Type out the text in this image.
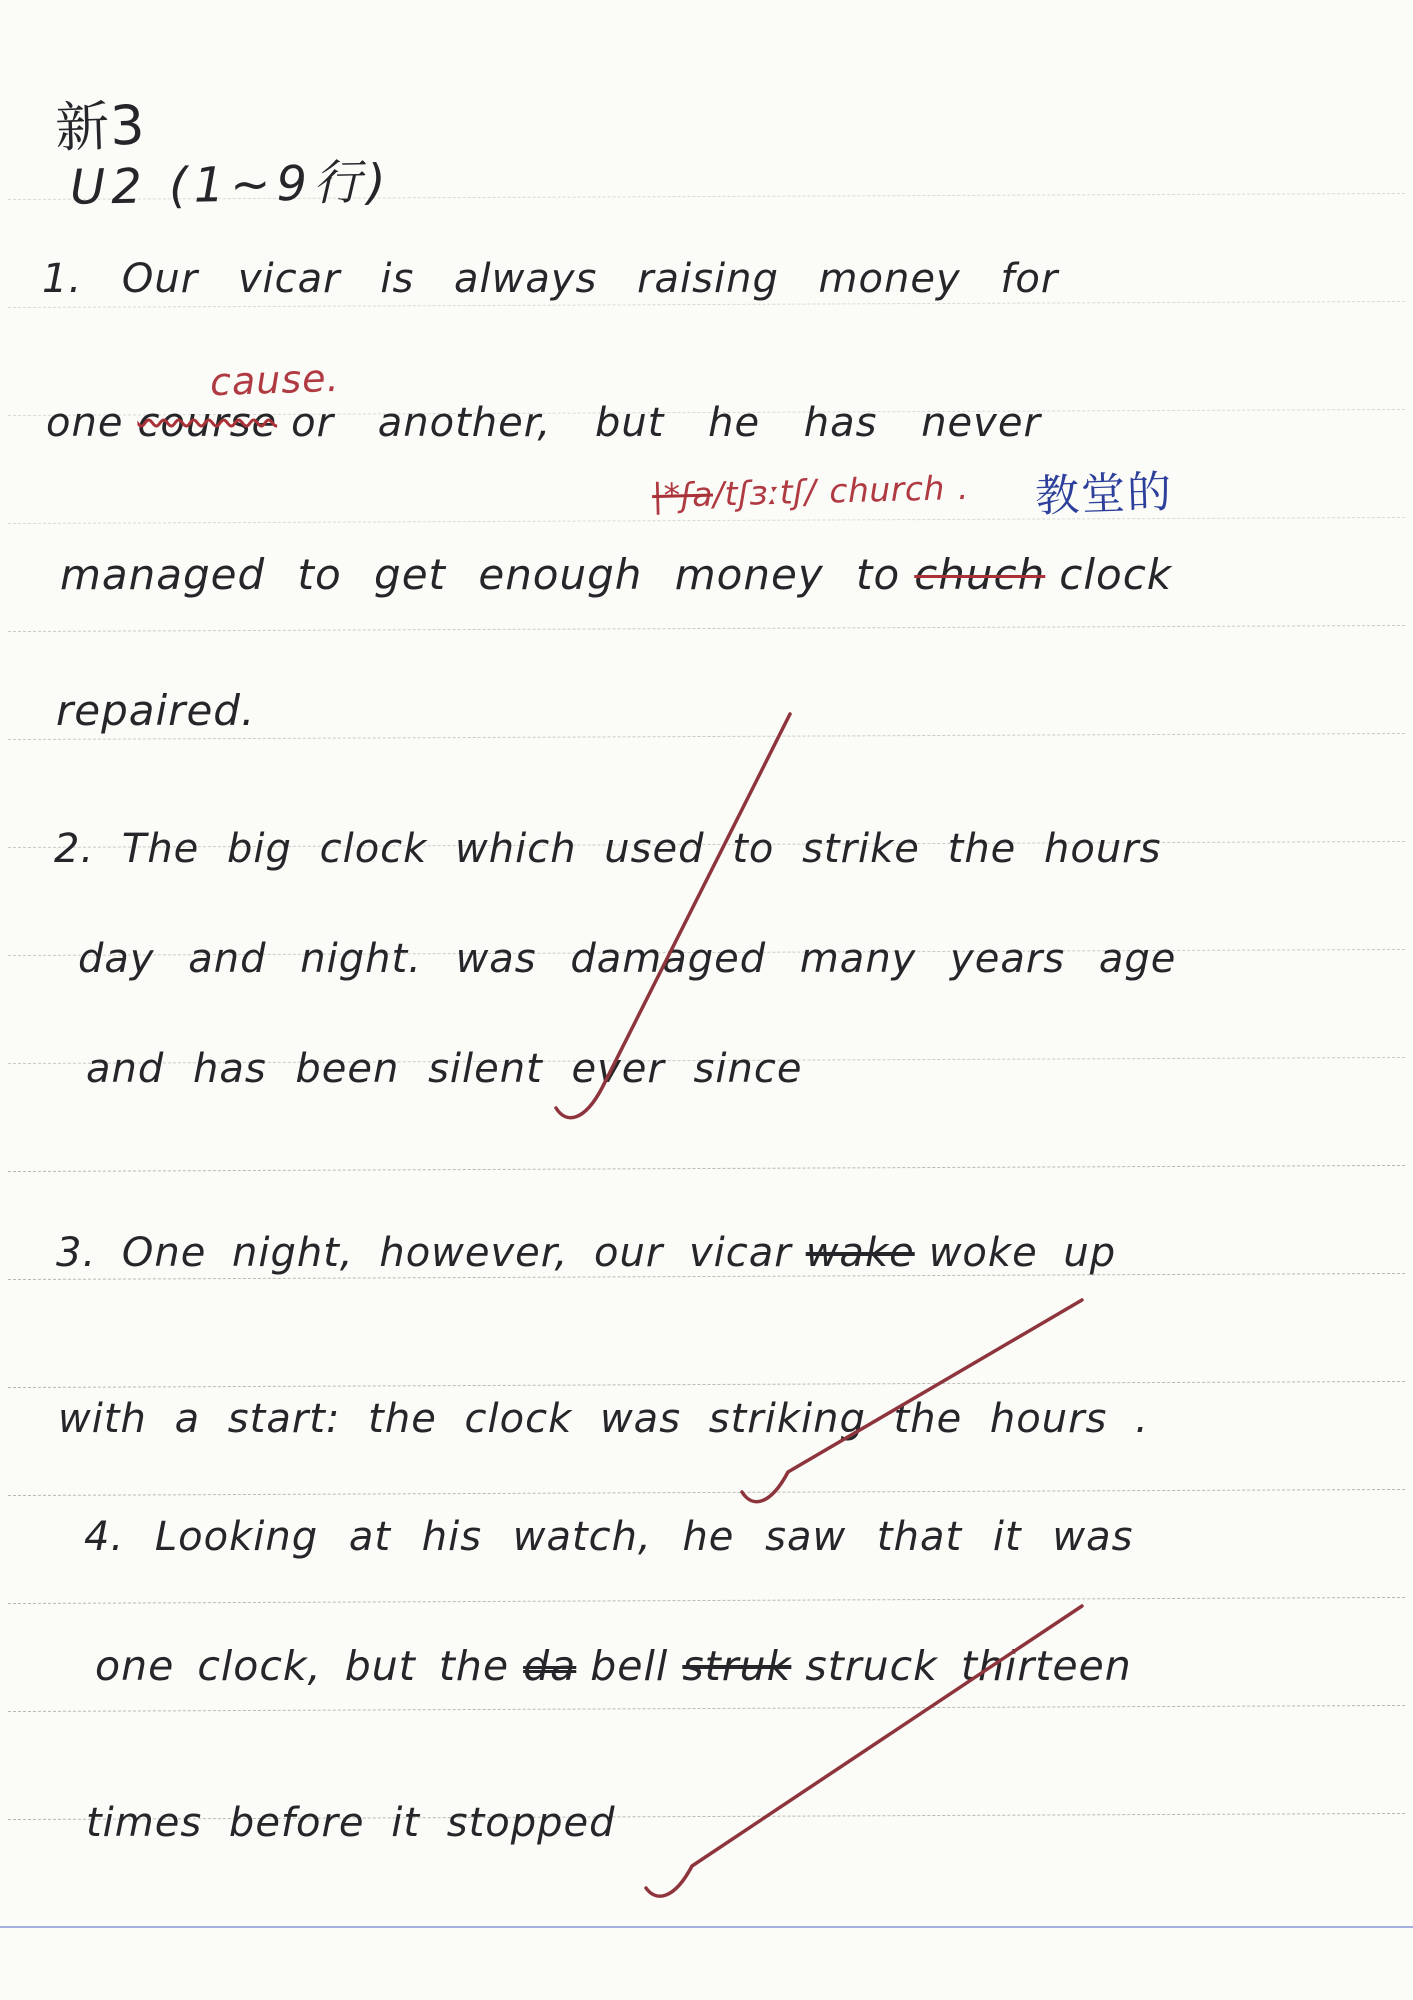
新3
U2 (1~9行)
1. Our vicar is always raising money for
cause.
one course or another, but he has never
|*ʃa/tʃɜːtʃ/ church . 教堂的
managed to get enough money to chuch clock
repaired.
2. The big clock which used to strike the hours
day and night. was damaged many years age
and has been silent ever since
3. One night, however, our vicar wake woke up
with a start: the clock was striking the hours .
4. Looking at his watch, he saw that it was
one clock, but the da bell struk struck thirteen
times before it stopped
